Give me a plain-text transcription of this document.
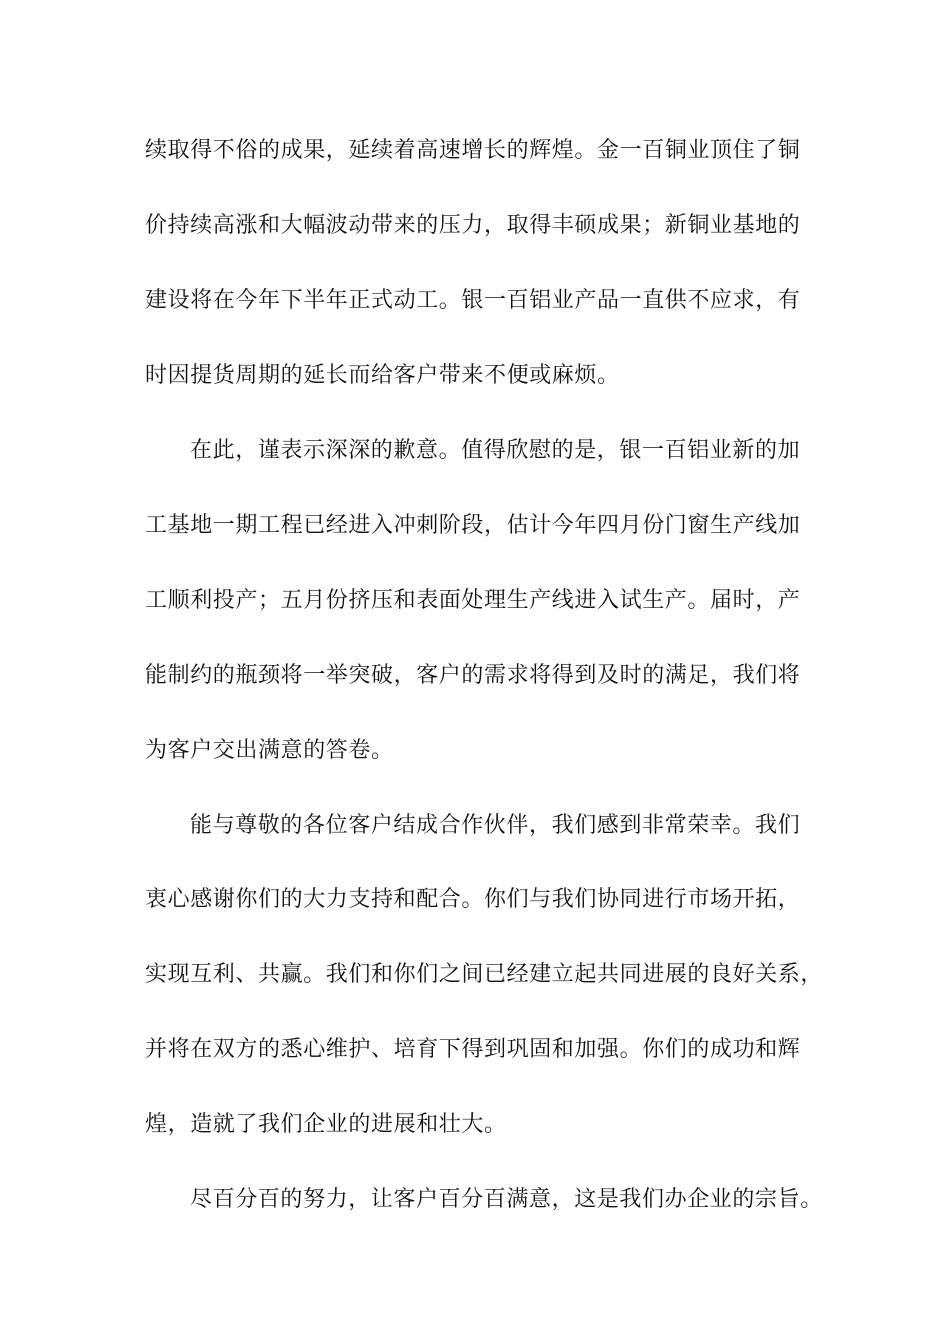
续取得不俗的成果，延续着高速增长的辉煌。金一百铜业顶住了铜
价持续高涨和大幅波动带来的压力，取得丰硕成果；新铜业基地的
建设将在今年下半年正式动工。银一百铝业产品一直供不应求，有
时因提货周期的延长而给客户带来不便或麻烦。
在此，谨表示深深的歉意。值得欣慰的是，银一百铝业新的加
工基地一期工程已经进入冲刺阶段，估计今年四月份门窗生产线加
工顺利投产；五月份挤压和表面处理生产线进入试生产。届时，产
能制约的瓶颈将一举突破，客户的需求将得到及时的满足，我们将
为客户交出满意的答卷。
能与尊敬的各位客户结成合作伙伴，我们感到非常荣幸。我们
衷心感谢你们的大力支持和配合。你们与我们协同进行市场开拓，
实现互利、共赢。我们和你们之间已经建立起共同进展的良好关系，
并将在双方的悉心维护、培育下得到巩固和加强。你们的成功和辉
煌，造就了我们企业的进展和壮大。
尽百分百的努力，让客户百分百满意，这是我们办企业的宗旨。
